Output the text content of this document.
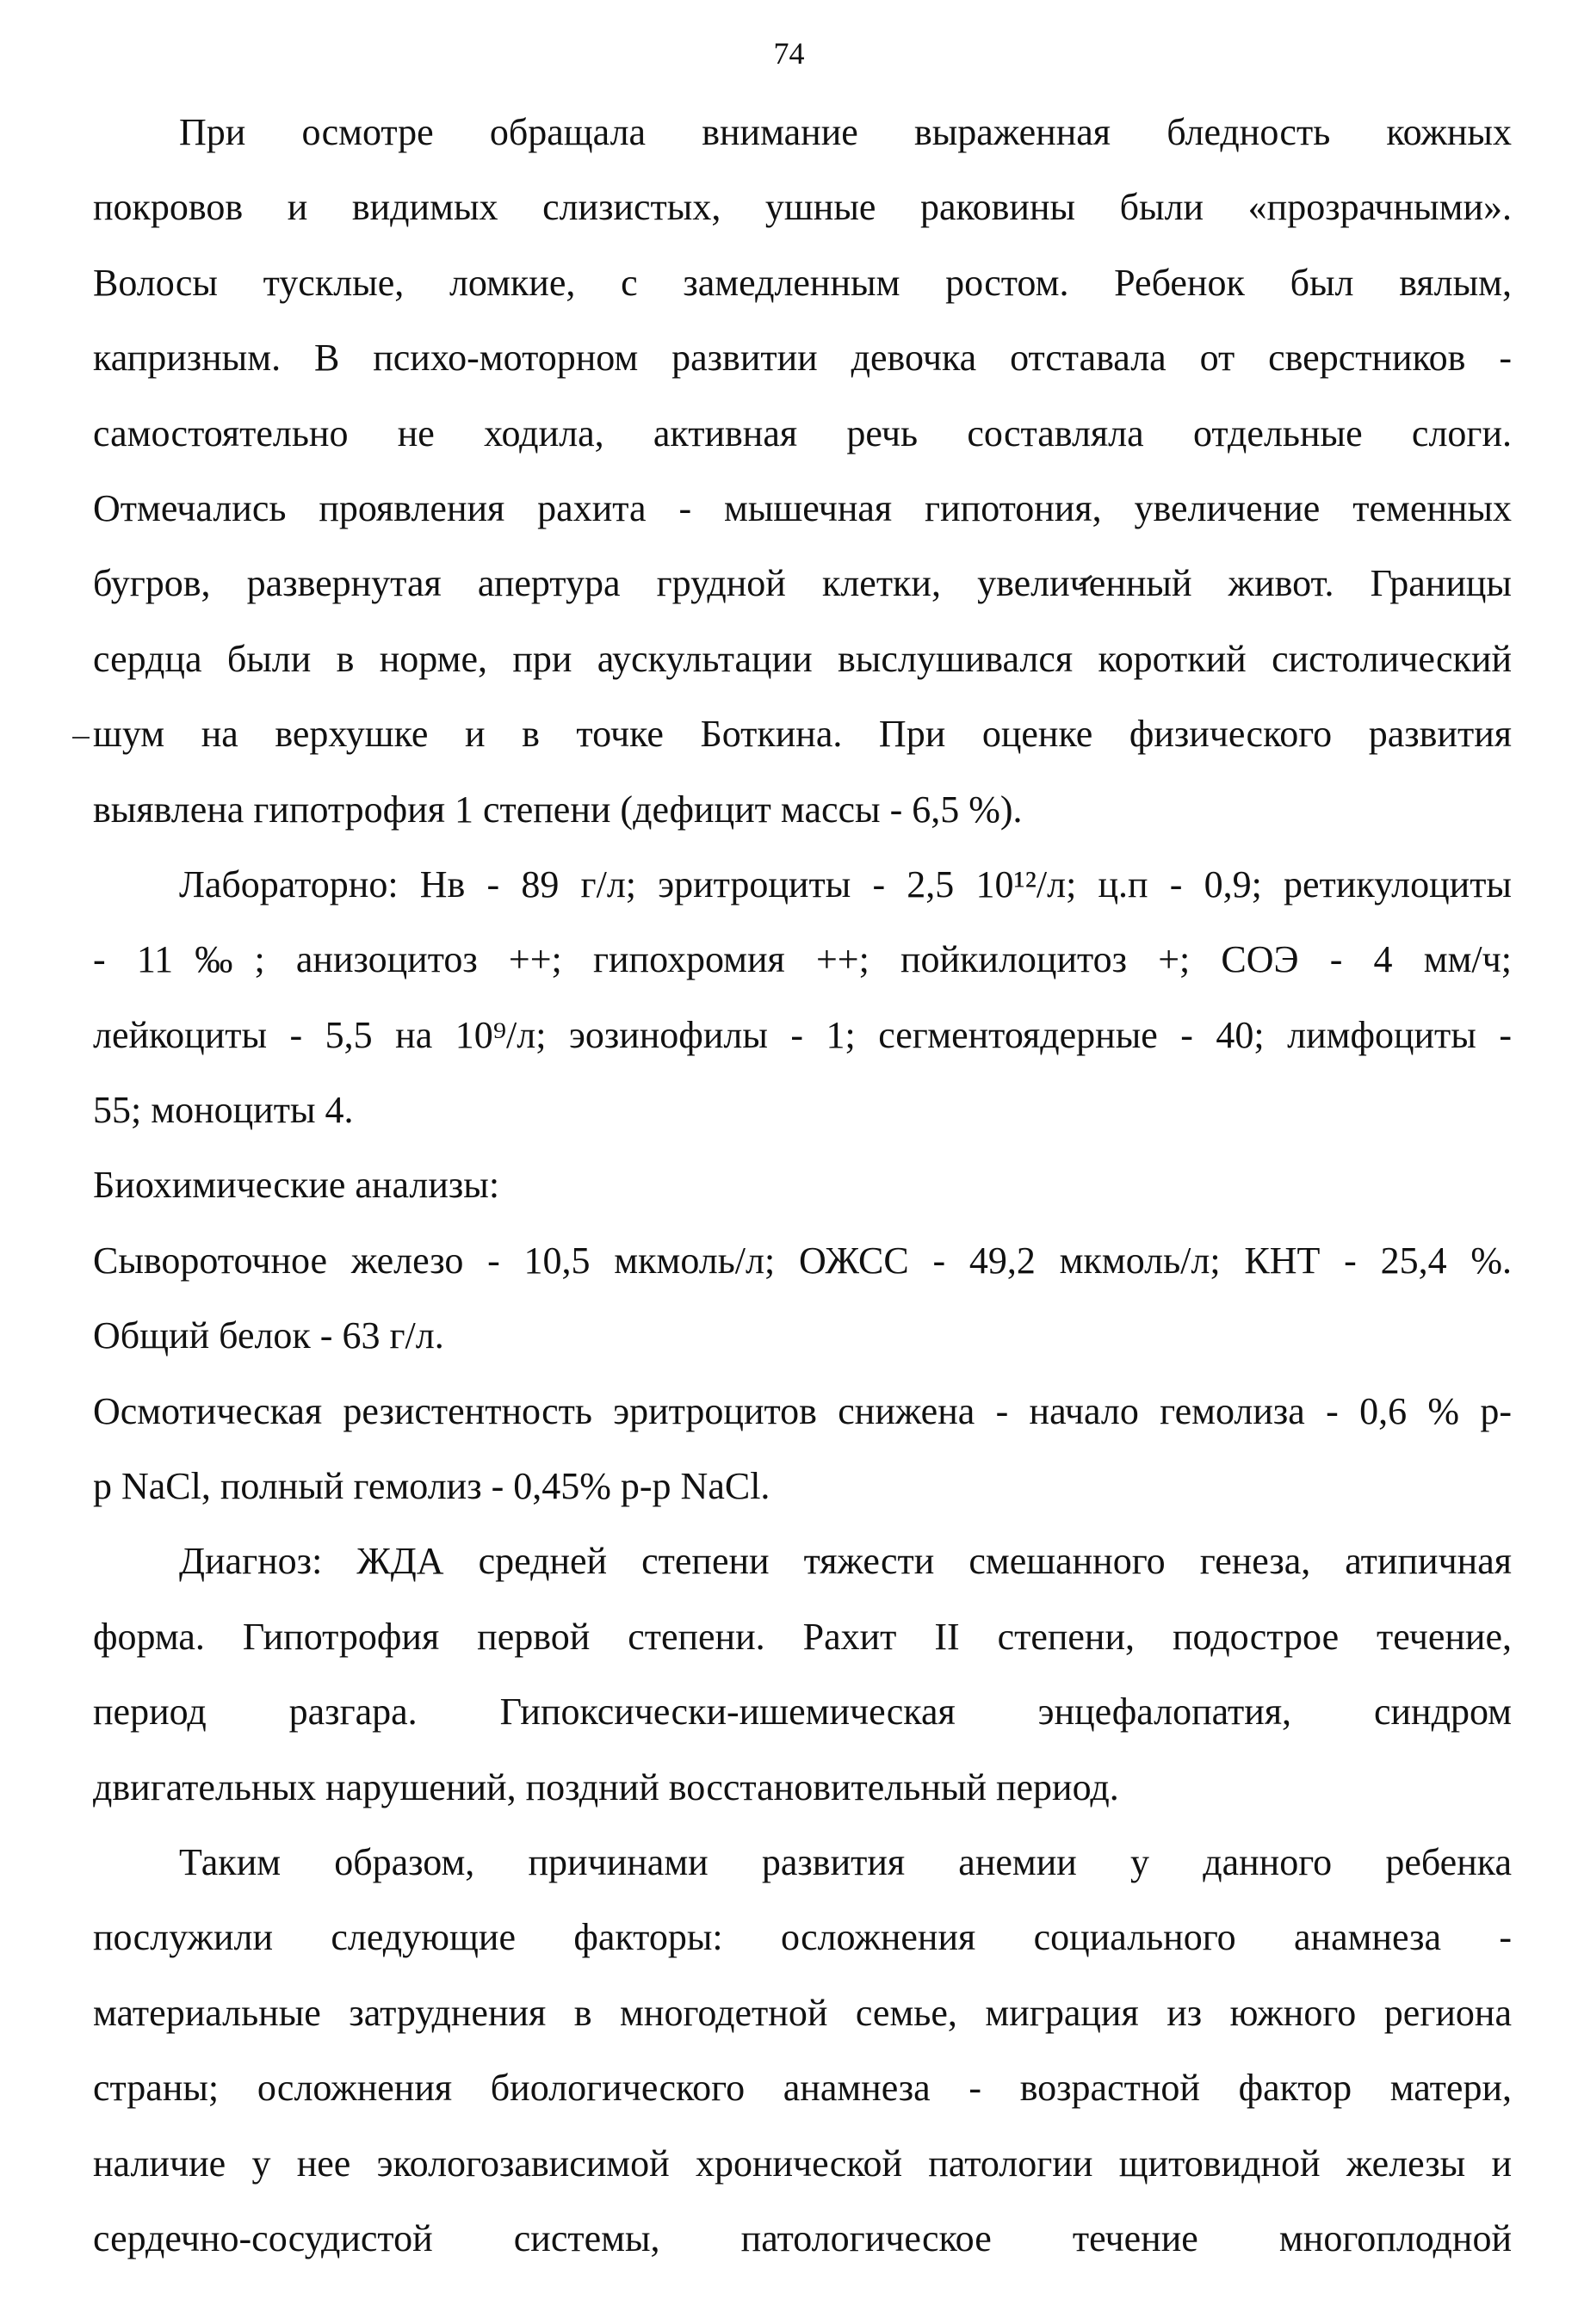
74
При осмотре обращала внимание выраженная бледность кожных
покровов и видимых слизистых, ушные раковины были «прозрачными».
Волосы тусклые, ломкие, с замедленным ростом. Ребенок был вялым,
капризным. В психо-моторном развитии девочка отставала от сверстников -
самостоятельно не ходила, активная речь составляла отдельные слоги.
Отмечались проявления рахита - мышечная гипотония, увеличение теменных
бугров, развернутая апертура грудной клетки, увеличенный живот. Границы
сердца были в норме, при аускультации выслушивался короткий систолический
шум на верхушке и в точке Боткина. При оценке физического развития
выявлена гипотрофия 1 степени (дефицит массы - 6,5 %).
Лабораторно: Нв - 89 г/л; эритроциты - 2,5 10¹²/л; ц.п - 0,9; ретикулоциты
- 11‰; анизоцитоз ++; гипохромия ++; пойкилоцитоз +; СОЭ - 4 мм/ч;
лейкоциты - 5,5 на 10⁹/л; эозинофилы - 1; сегментоядерные - 40; лимфоциты -
55; моноциты 4.
Биохимические анализы:
Сывороточное железо - 10,5 мкмоль/л; ОЖСС - 49,2 мкмоль/л; КНТ - 25,4 %.
Общий белок - 63 г/л.
Осмотическая резистентность эритроцитов снижена - начало гемолиза - 0,6 % р-
р NaCl, полный гемолиз - 0,45% р-р NaCl.
Диагноз: ЖДА средней степени тяжести смешанного генеза, атипичная
форма. Гипотрофия первой степени. Рахит II степени, подострое течение,
период разгара. Гипоксически-ишемическая энцефалопатия, синдром
двигательных нарушений, поздний восстановительный период.
Таким образом, причинами развития анемии у данного ребенка
послужили следующие факторы: осложнения социального анамнеза -
материальные затруднения в многодетной семье, миграция из южного региона
страны; осложнения биологического анамнеза - возрастной фактор матери,
наличие у нее экологозависимой хронической патологии щитовидной железы и
сердечно-сосудистой системы, патологическое течение многоплодной
